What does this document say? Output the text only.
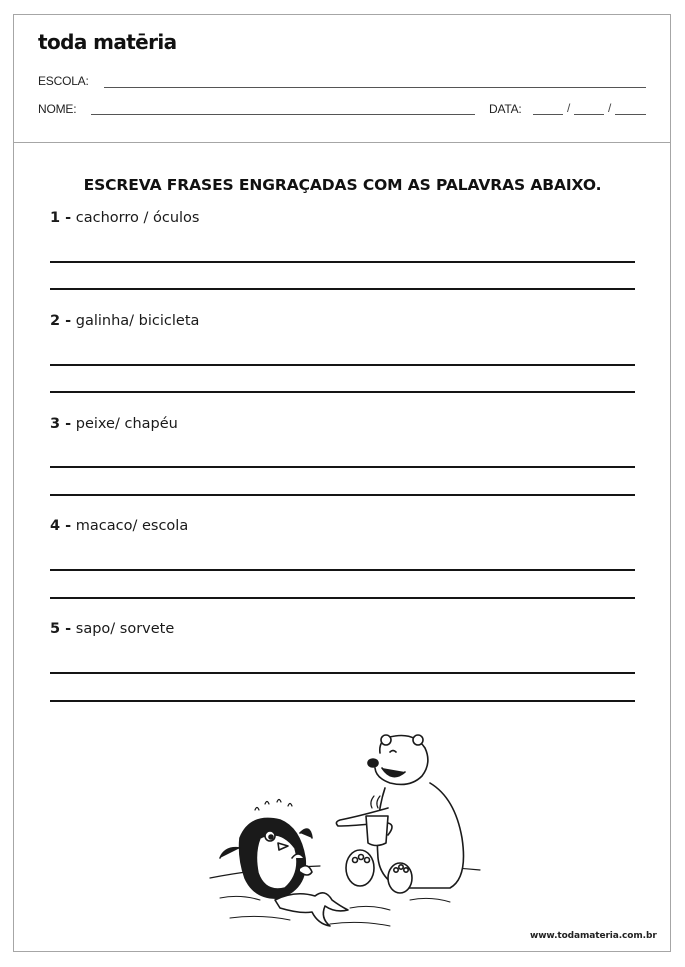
toda matēria
ESCOLA:
NOME:	DATA:	/	/
ESCREVA FRASES ENGRAÇADAS COM AS PALAVRAS ABAIXO.
1 - cachorro / óculos
2 - galinha/ bicicleta
3 - peixe/ chapéu
4 - macaco/ escola
5 - sapo/ sorvete
www.todamateria.com.br
